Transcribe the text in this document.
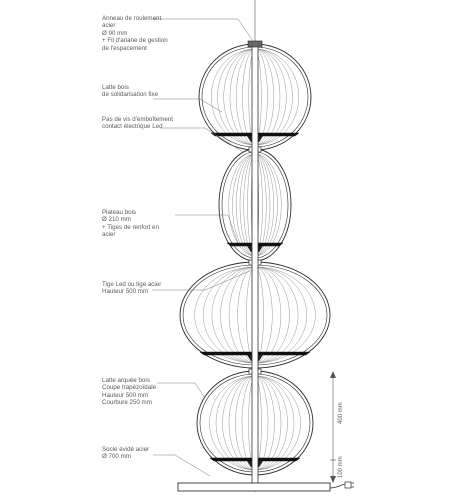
Anneau de roulement
acier
Ø 90 mm
+ Fil d'ariane de gestion
de l'espacement
Latte bois
de solidarisation fixe
Pas de vis d'emboîtement
contact électrique Led
Plateau bois
Ø 210 mm
+ Tiges de renfort en
acier
Tige Led ou tige acier
Hauteur 500 mm
Latte arquée bois
Coupe trapézoïdale
Hauteur 500 mm
Courbure 250 mm
Socle évidé acier
Ø 700 mm
400 mm
100 mm
